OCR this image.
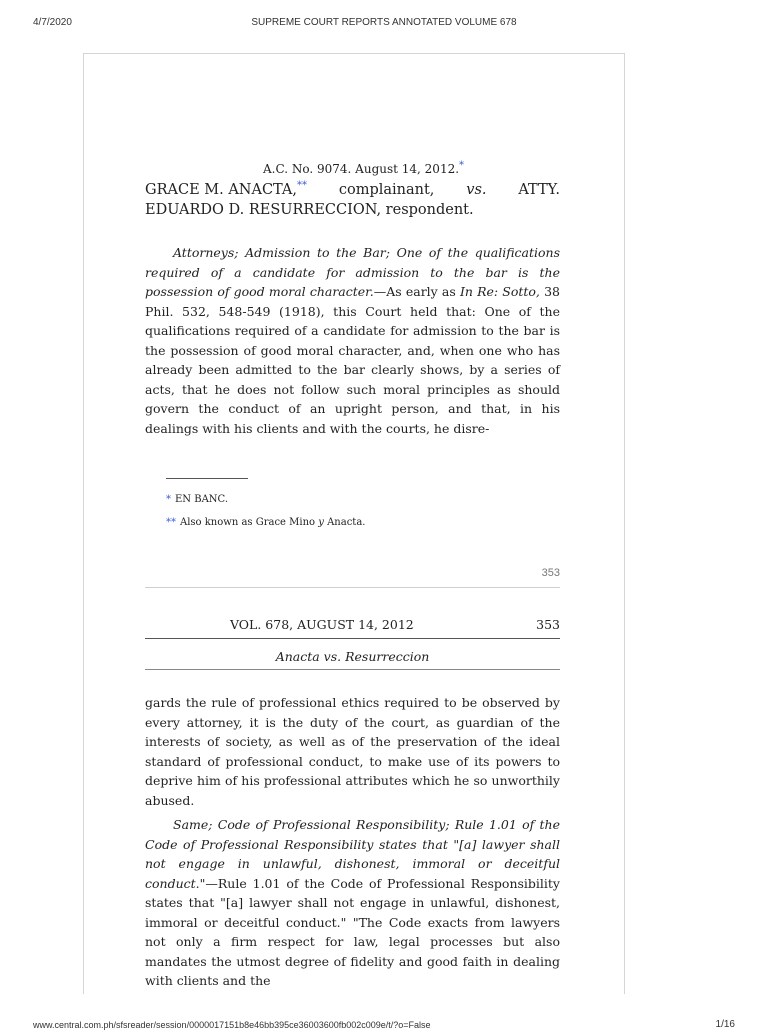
4/7/2020	SUPREME COURT REPORTS ANNOTATED VOLUME 678
A.C. No. 9074. August 14, 2012.*
GRACE M. ANACTA,** complainant, vs. ATTY.
EDUARDO D. RESURRECCION, respondent.

Attorneys; Admission to the Bar; One of the qualifications required of a candidate for admission to the bar is the possession of good moral character.—As early as In Re: Sotto, 38 Phil. 532, 548-549 (1918), this Court held that: One of the qualifications required of a candidate for admission to the bar is the possession of good moral character, and, when one who has already been admitted to the bar clearly shows, by a series of acts, that he does not follow such moral principles as should govern the conduct of an upright person, and that, in his dealings with his clients and with the courts, he disre-

* EN BANC.
** Also known as Grace Mino y Anacta.
353
VOL. 678, AUGUST 14, 2012	353
Anacta vs. Resurreccion

gards the rule of professional ethics required to be observed by every attorney, it is the duty of the court, as guardian of the interests of society, as well as of the preservation of the ideal standard of professional conduct, to make use of its powers to deprive him of his professional attributes which he so unworthily abused.

Same; Code of Professional Responsibility; Rule 1.01 of the Code of Professional Responsibility states that "[a] lawyer shall not engage in unlawful, dishonest, immoral or deceitful conduct."—Rule 1.01 of the Code of Professional Responsibility states that "[a] lawyer shall not engage in unlawful, dishonest, immoral or deceitful conduct." "The Code exacts from lawyers not only a firm respect for law, legal processes but also mandates the utmost degree of fidelity and good faith in dealing with clients and the

www.central.com.ph/sfsreader/session/0000017151b8e46bb395ce36003600fb002c009e/t/?o=False	1/16
